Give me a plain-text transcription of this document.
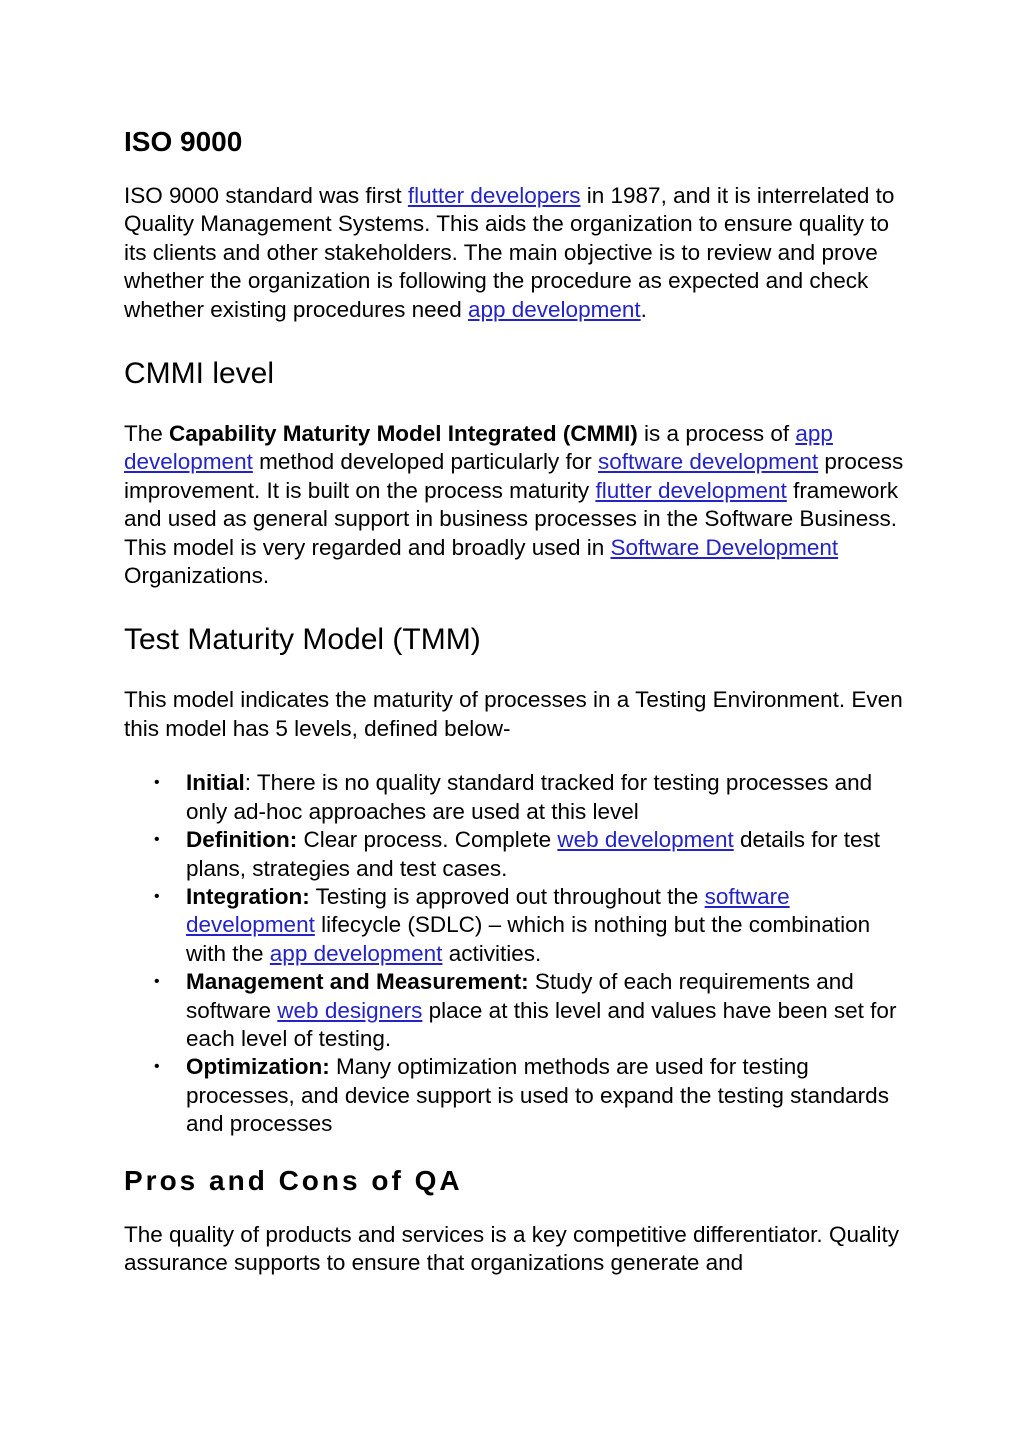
ISO 9000

ISO 9000 standard was first flutter developers in 1987, and it is interrelated to Quality Management Systems. This aids the organization to ensure quality to its clients and other stakeholders. The main objective is to review and prove whether the organization is following the procedure as expected and check whether existing procedures need app development.

CMMI level

The Capability Maturity Model Integrated (CMMI) is a process of app development method developed particularly for software development process improvement. It is built on the process maturity flutter development framework and used as general support in business processes in the Software Business. This model is very regarded and broadly used in Software Development Organizations.

Test Maturity Model (TMM)

This model indicates the maturity of processes in a Testing Environment. Even this model has 5 levels, defined below-

• Initial: There is no quality standard tracked for testing processes and only ad-hoc approaches are used at this level
• Definition: Clear process. Complete web development details for test plans, strategies and test cases.
• Integration: Testing is approved out throughout the software development lifecycle (SDLC) – which is nothing but the combination with the app development activities.
• Management and Measurement: Study of each requirements and software web designers place at this level and values have been set for each level of testing.
• Optimization: Many optimization methods are used for testing processes, and device support is used to expand the testing standards and processes
Pros and Cons of QA

The quality of products and services is a key competitive differentiator. Quality assurance supports to ensure that organizations generate and
